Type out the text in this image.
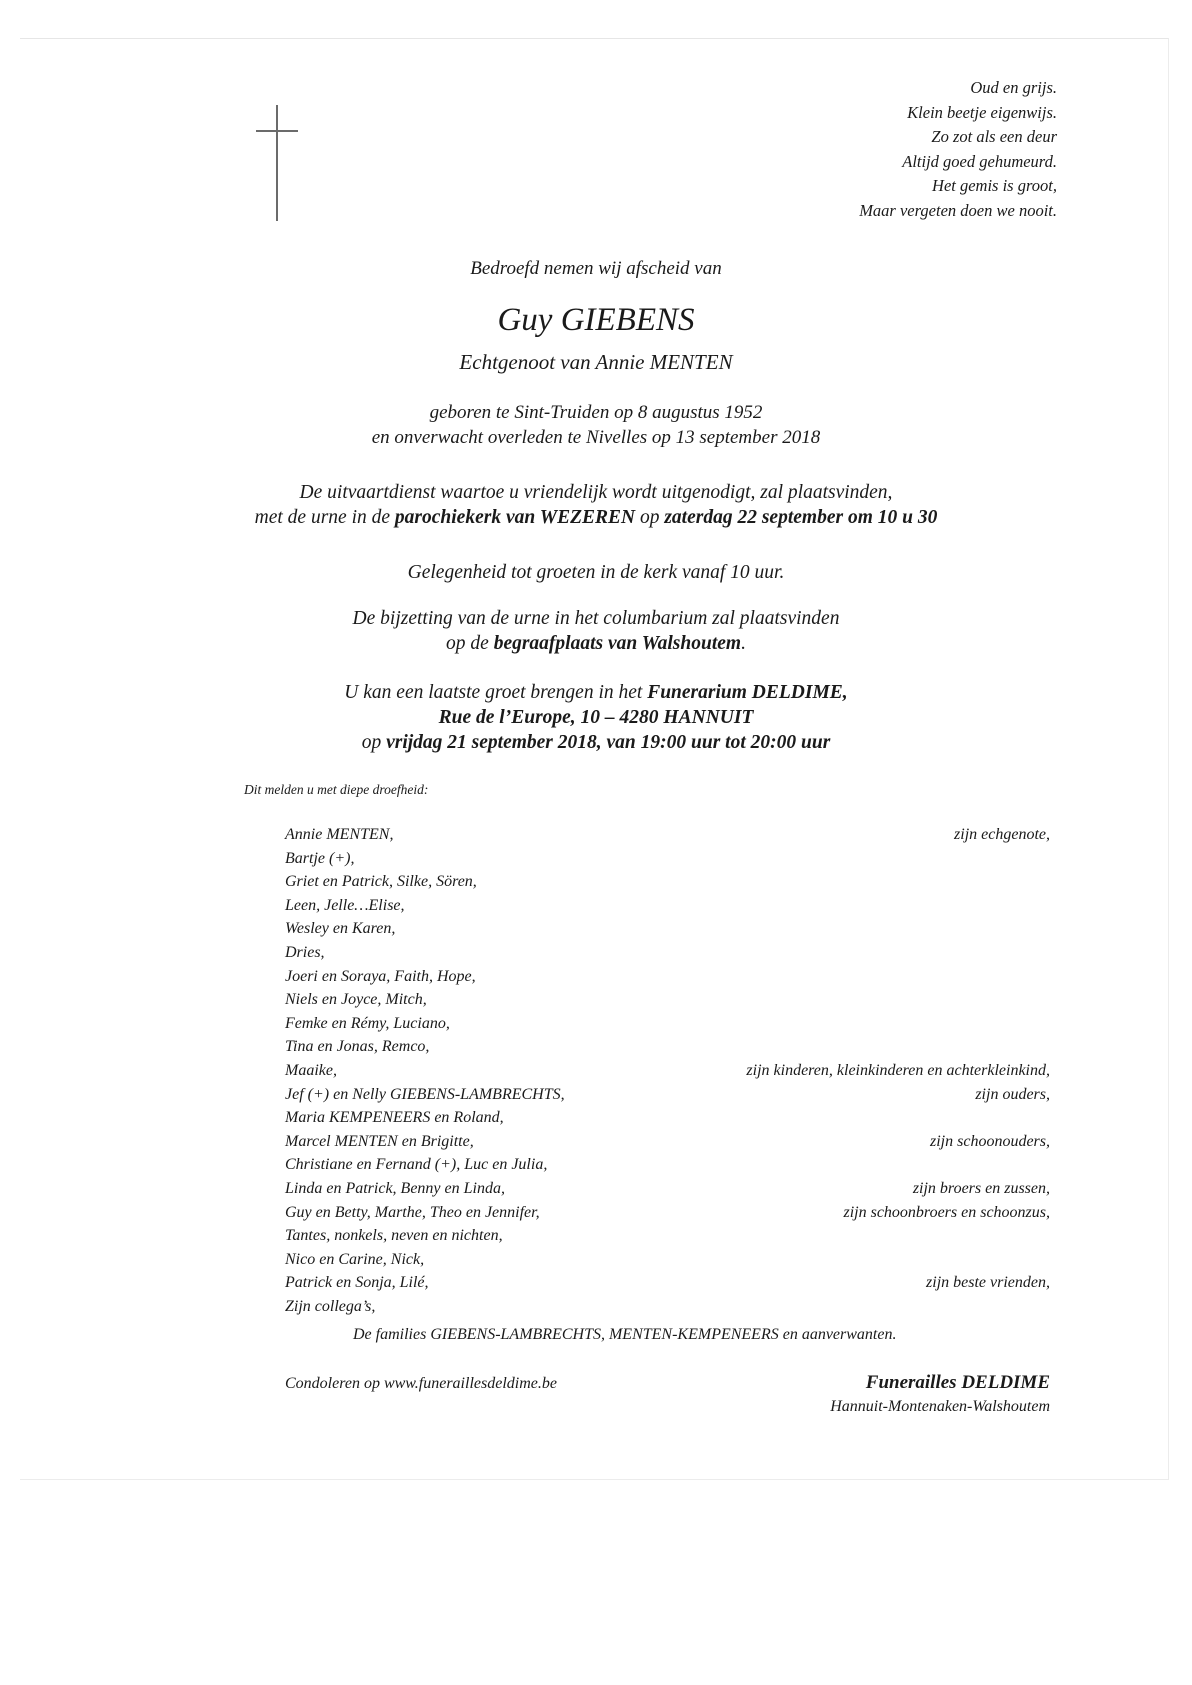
Oud en grijs.
Klein beetje eigenwijs.
Zo zot als een deur
Altijd goed gehumeurd.
Het gemis is groot,
Maar vergeten doen we nooit.
Bedroefd nemen wij afscheid van
Guy GIEBENS
Echtgenoot van Annie MENTEN
geboren te Sint-Truiden op 8 augustus 1952
en onverwacht overleden te Nivelles op 13 september 2018
De uitvaartdienst waartoe u vriendelijk wordt uitgenodigt, zal plaatsvinden,
met de urne in de parochiekerk van WEZEREN op zaterdag 22 september om 10 u 30
Gelegenheid tot groeten in de kerk vanaf 10 uur.
De bijzetting van de urne in het columbarium zal plaatsvinden
op de begraafplaats van Walshoutem.
U kan een laatste groet brengen in het Funerarium DELDIME,
Rue de l’Europe, 10 – 4280 HANNUIT
op vrijdag 21 september 2018, van 19:00 uur tot 20:00 uur
Dit melden u met diepe droefheid:
Annie MENTEN,
Bartje (+),
Griet en Patrick, Silke, Sören,
Leen, Jelle…Elise,
Wesley en Karen,
Dries,
Joeri en Soraya, Faith, Hope,
Niels en Joyce, Mitch,
Femke en Rémy, Luciano,
Tina en Jonas, Remco,
Maaike,
Jef (+) en Nelly GIEBENS-LAMBRECHTS,
Maria KEMPENEERS en Roland,
Marcel MENTEN en Brigitte,
Christiane en Fernand (+), Luc en Julia,
Linda en Patrick, Benny en Linda,
Guy en Betty, Marthe, Theo en Jennifer,
Tantes, nonkels, neven en nichten,
Nico en Carine, Nick,
Patrick en Sonja, Lilé,
Zijn collega’s,
zijn echgenote,
zijn kinderen, kleinkinderen en achterkleinkind,
zijn ouders,
zijn schoonouders,
zijn broers en zussen,
zijn schoonbroers en schoonzus,
zijn beste vrienden,
De families GIEBENS-LAMBRECHTS, MENTEN-KEMPENEERS en aanverwanten.
Condoleren op www.funeraillesdeldime.be	Funerailles DELDIME
Hannuit-Montenaken-Walshoutem
